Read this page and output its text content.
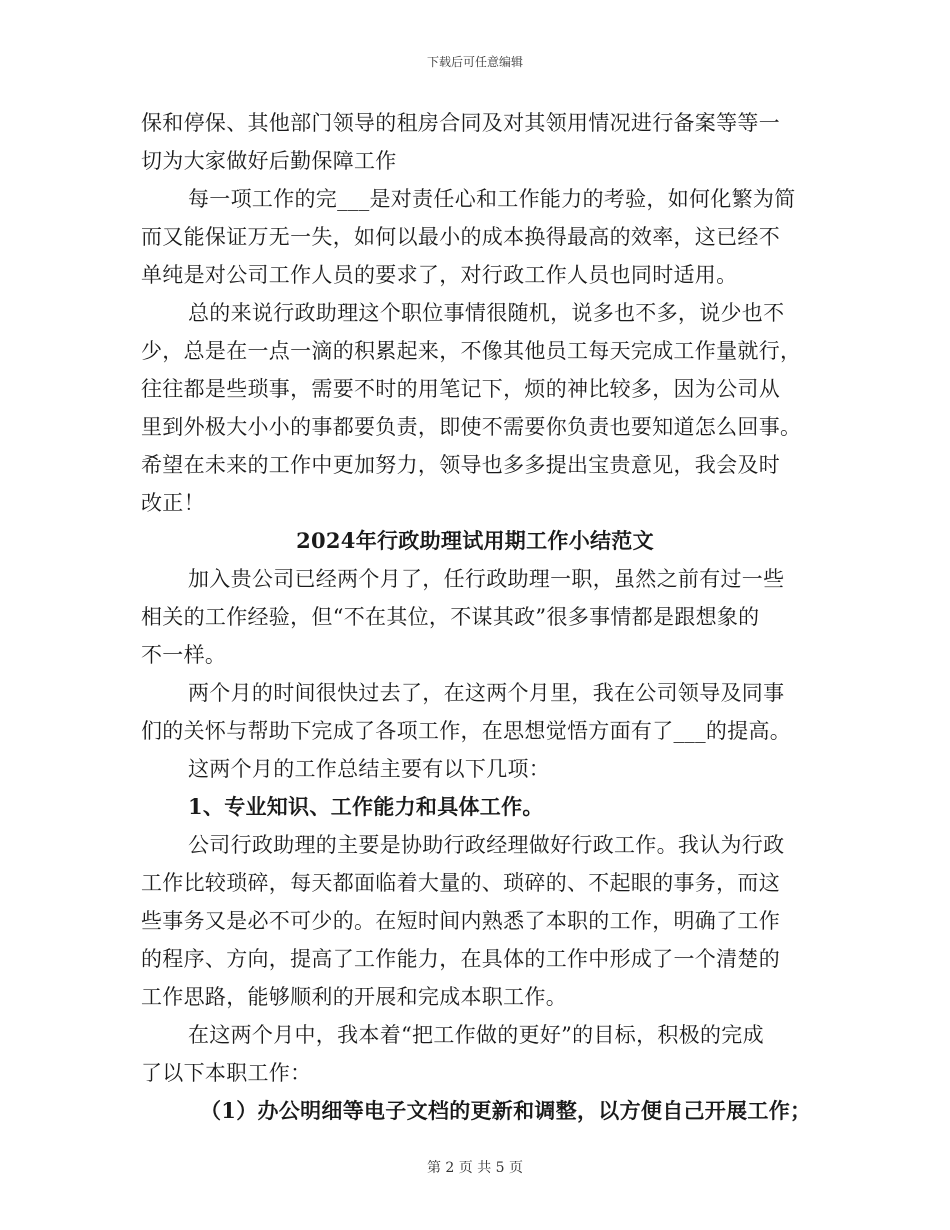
下载后可任意编辑
保和停保、其他部门领导的租房合同及对其领用情况进行备案等等一
切为大家做好后勤保障工作
每一项工作的完___是对责任心和工作能力的考验，如何化繁为简
而又能保证万无一失，如何以最小的成本换得最高的效率，这已经不
单纯是对公司工作人员的要求了，对行政工作人员也同时适用。
总的来说行政助理这个职位事情很随机，说多也不多，说少也不
少，总是在一点一滴的积累起来，不像其他员工每天完成工作量就行，
往往都是些琐事，需要不时的用笔记下，烦的神比较多，因为公司从
里到外极大小小的事都要负责，即使不需要你负责也要知道怎么回事。
希望在未来的工作中更加努力，领导也多多提出宝贵意见，我会及时
改正！
2024年行政助理试用期工作小结范文
加入贵公司已经两个月了，任行政助理一职，虽然之前有过一些
相关的工作经验，但“不在其位，不谋其政”很多事情都是跟想象的
不一样。
两个月的时间很快过去了，在这两个月里，我在公司领导及同事
们的关怀与帮助下完成了各项工作，在思想觉悟方面有了___的提高。
这两个月的工作总结主要有以下几项：
1、专业知识、工作能力和具体工作。
公司行政助理的主要是协助行政经理做好行政工作。我认为行政
工作比较琐碎，每天都面临着大量的、琐碎的、不起眼的事务，而这
些事务又是必不可少的。在短时间内熟悉了本职的工作，明确了工作
的程序、方向，提高了工作能力，在具体的工作中形成了一个清楚的
工作思路，能够顺利的开展和完成本职工作。
在这两个月中，我本着“把工作做的更好”的目标，积极的完成
了以下本职工作：
（1）办公明细等电子文档的更新和调整，以方便自己开展工作；
第 2 页 共 5 页
